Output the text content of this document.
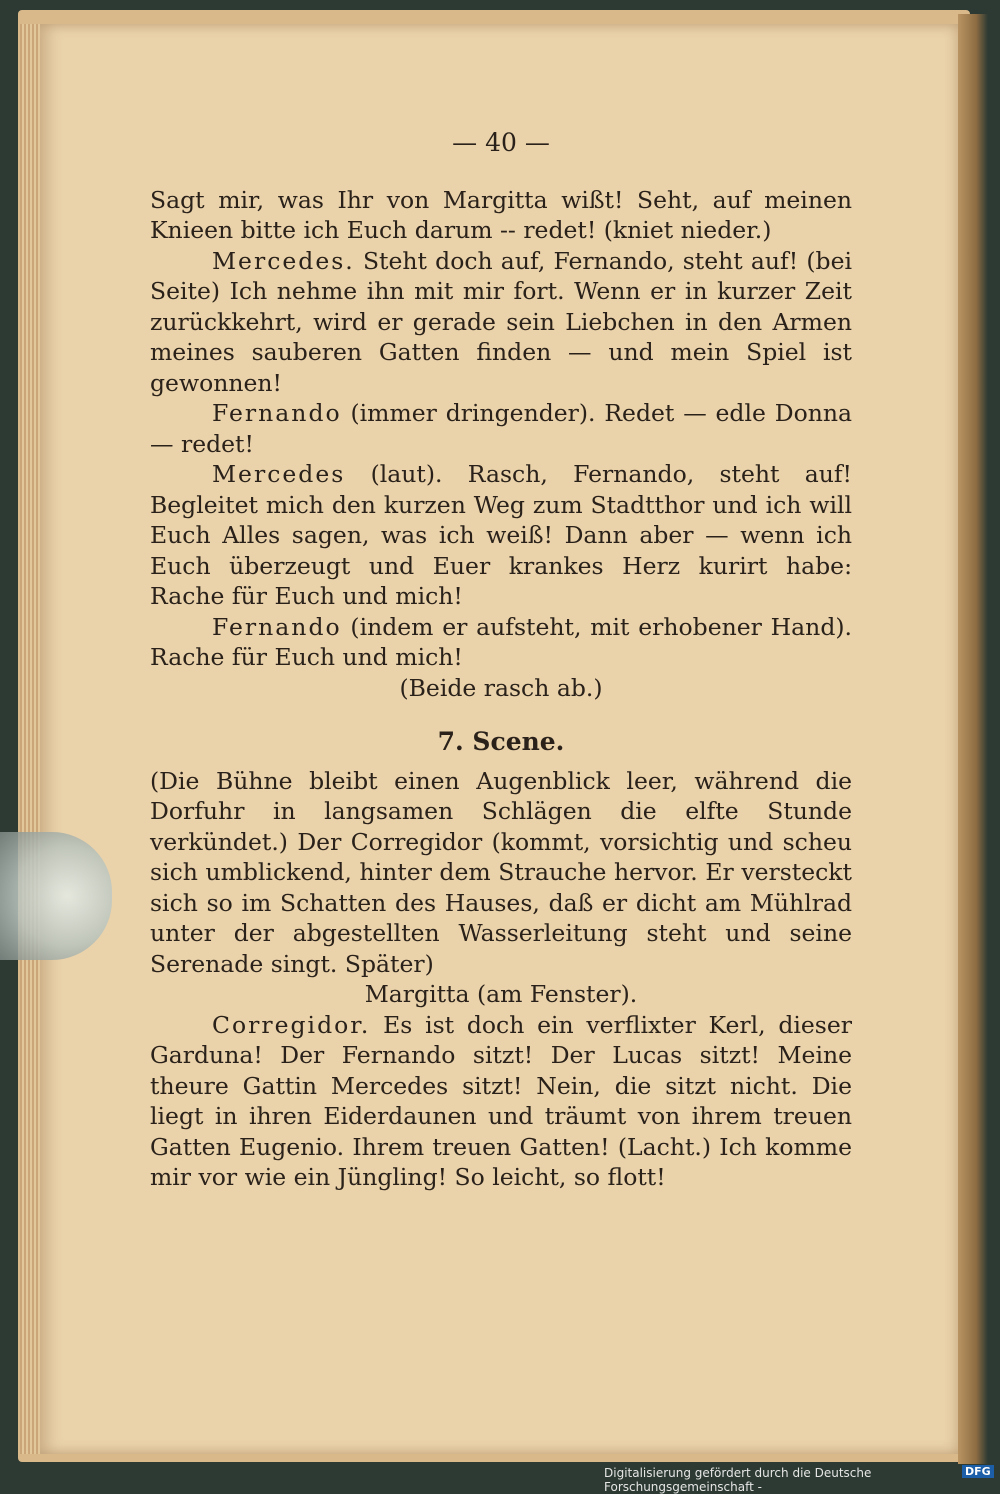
— 40 —

Sagt mir, was Ihr von Margitta wißt! Seht, auf meinen Knieen bitte ich Euch darum -- redet! (kniet nieder.)

Mercedes. Steht doch auf, Fernando, steht auf! (bei Seite) Ich nehme ihn mit mir fort. Wenn er in kurzer Zeit zurückkehrt, wird er gerade sein Liebchen in den Armen meines sauberen Gatten finden — und mein Spiel ist gewonnen!

Fernando (immer dringender). Redet — edle Donna — redet!

Mercedes (laut). Rasch, Fernando, steht auf! Begleitet mich den kurzen Weg zum Stadtthor und ich will Euch Alles sagen, was ich weiß! Dann aber — wenn ich Euch überzeugt und Euer krankes Herz kurirt habe: Rache für Euch und mich!

Fernando (indem er aufsteht, mit erhobener Hand). Rache für Euch und mich!

(Beide rasch ab.)

7. Scene.

(Die Bühne bleibt einen Augenblick leer, während die Dorfuhr in langsamen Schlägen die elfte Stunde verkündet.) Der Corregidor (kommt, vorsichtig und scheu sich umblickend, hinter dem Strauche hervor. Er versteckt sich so im Schatten des Hauses, daß er dicht am Mühlrad unter der abgestellten Wasserleitung steht und seine Serenade singt. Später)

Margitta (am Fenster).

Corregidor. Es ist doch ein verflixter Kerl, dieser Garduna! Der Fernando sitzt! Der Lucas sitzt! Meine theure Gattin Mercedes sitzt! Nein, die sitzt nicht. Die liegt in ihren Eiderdaunen und träumt von ihrem treuen Gatten Eugenio. Ihrem treuen Gatten! (Lacht.) Ich komme mir vor wie ein Jüngling! So leicht, so flott!

Digitalisierung gefördert durch die Deutsche Forschungsgemeinschaft -
DFG
